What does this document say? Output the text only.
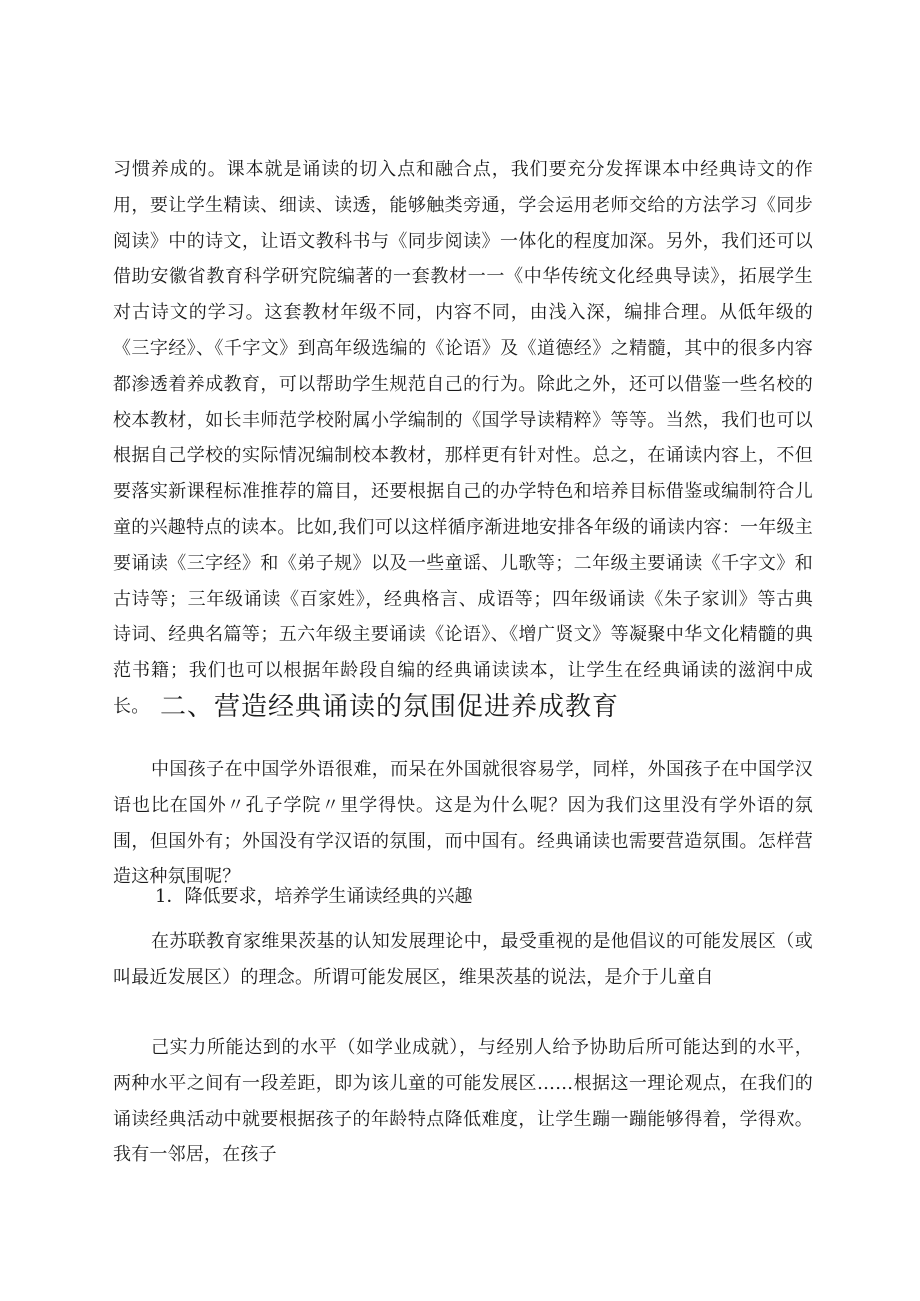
习惯养成的。课本就是诵读的切入点和融合点，我们要充分发挥课本中经典诗文的作用，要让学生精读、细读、读透，能够触类旁通，学会运用老师交给的方法学习《同步阅读》中的诗文，让语文教科书与《同步阅读》一体化的程度加深。另外，我们还可以借助安徽省教育科学研究院编著的一套教材一一《中华传统文化经典导读》，拓展学生对古诗文的学习。这套教材年级不同，内容不同，由浅入深，编排合理。从低年级的《三字经》、《千字文》到高年级选编的《论语》及《道德经》之精髓，其中的很多内容都渗透着养成教育，可以帮助学生规范自己的行为。除此之外，还可以借鉴一些名校的校本教材，如长丰师范学校附属小学编制的《国学导读精粹》等等。当然，我们也可以根据自己学校的实际情况编制校本教材，那样更有针对性。总之，在诵读内容上，不但要落实新课程标准推荐的篇目，还要根据自己的办学特色和培养目标借鉴或编制符合儿童的兴趣特点的读本。比如,我们可以这样循序渐进地安排各年级的诵读内容：一年级主要诵读《三字经》和《弟子规》以及一些童谣、儿歌等；二年级主要诵读《千字文》和古诗等；三年级诵读《百家姓》，经典格言、成语等；四年级诵读《朱子家训》等古典诗词、经典名篇等；五六年级主要诵读《论语》、《增广贤文》等凝聚中华文化精髓的典范书籍；我们也可以根据年龄段自编的经典诵读读本，让学生在经典诵读的滋润中成长。 二、营造经典诵读的氛围促进养成教育

中国孩子在中国学外语很难，而呆在外国就很容易学，同样，外国孩子在中国学汉语也比在国外〃孔子学院〃里学得快。这是为什么呢？因为我们这里没有学外语的氛围，但国外有；外国没有学汉语的氛围，而中国有。经典诵读也需要营造氛围。怎样营造这种氛围呢？

1．降低要求，培养学生诵读经典的兴趣

在苏联教育家维果茨基的认知发展理论中，最受重视的是他倡议的可能发展区（或叫最近发展区）的理念。所谓可能发展区，维果茨基的说法，是介于儿童自

己实力所能达到的水平（如学业成就），与经别人给予协助后所可能达到的水平，两种水平之间有一段差距，即为该儿童的可能发展区……根据这一理论观点，在我们的诵读经典活动中就要根据孩子的年龄特点降低难度，让学生蹦一蹦能够得着，学得欢。我有一邻居，在孩子
